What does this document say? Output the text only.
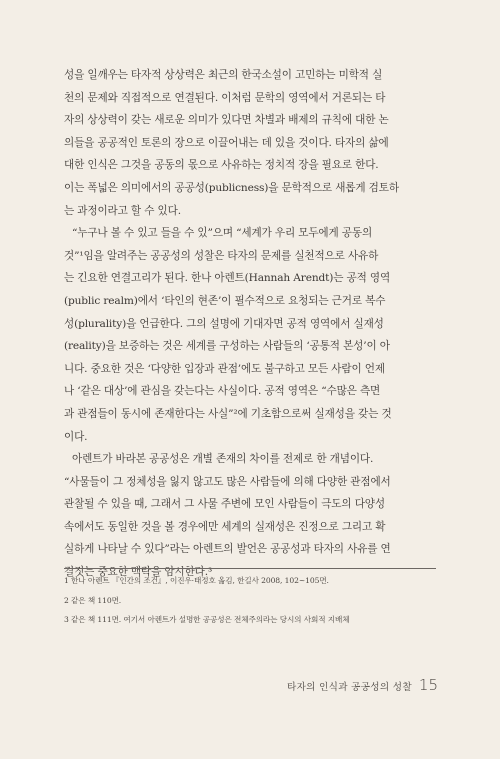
성을 일깨우는 타자적 상상력은 최근의 한국소설이 고민하는 미학적 실
천의 문제와 직접적으로 연결된다. 이처럼 문학의 영역에서 거론되는 타
자의 상상력이 갖는 새로운 의미가 있다면 차별과 배제의 규칙에 대한 논
의들을 공공적인 토론의 장으로 이끌어내는 데 있을 것이다. 타자의 삶에
대한 인식은 그것을 공동의 몫으로 사유하는 정치적 장을 필요로 한다.
이는 폭넓은 의미에서의 공공성(publicness)을 문학적으로 새롭게 검토하
는 과정이라고 할 수 있다.
“누구나 볼 수 있고 들을 수 있”으며 “세계가 우리 모두에게 공동의
것”¹임을 알려주는 공공성의 성찰은 타자의 문제를 실천적으로 사유하
는 긴요한 연결고리가 된다. 한나 아렌트(Hannah Arendt)는 공적 영역
(public realm)에서 ‘타인의 현존’이 필수적으로 요청되는 근거로 복수
성(plurality)을 언급한다. 그의 설명에 기대자면 공적 영역에서 실재성
(reality)을 보증하는 것은 세계를 구성하는 사람들의 ‘공통적 본성’이 아
니다. 중요한 것은 ‘다양한 입장과 관점’에도 불구하고 모든 사람이 언제
나 ‘같은 대상’에 관심을 갖는다는 사실이다. 공적 영역은 “수많은 측면
과 관점들이 동시에 존재한다는 사실”²에 기초함으로써 실재성을 갖는 것
이다.
아렌트가 바라본 공공성은 개별 존재의 차이를 전제로 한 개념이다.
“사물들이 그 정체성을 잃지 않고도 많은 사람들에 의해 다양한 관점에서
관찰될 수 있을 때, 그래서 그 사물 주변에 모인 사람들이 극도의 다양성
속에서도 동일한 것을 볼 경우에만 세계의 실재성은 진정으로 그리고 확
실하게 나타날 수 있다”라는 아렌트의 발언은 공공성과 타자의 사유를 연
결짓는 중요한 맥락을 암시한다.³
1 한나 아렌트 『인간의 조건』, 이진우·태정호 옮김, 한길사 2008, 102~105면.
2 같은 책 110면.
3 같은 책 111면. 여기서 아렌트가 설명한 공공성은 전체주의라는 당시의 사회적 지배체
타자의 인식과 공공성의 성찰 15
